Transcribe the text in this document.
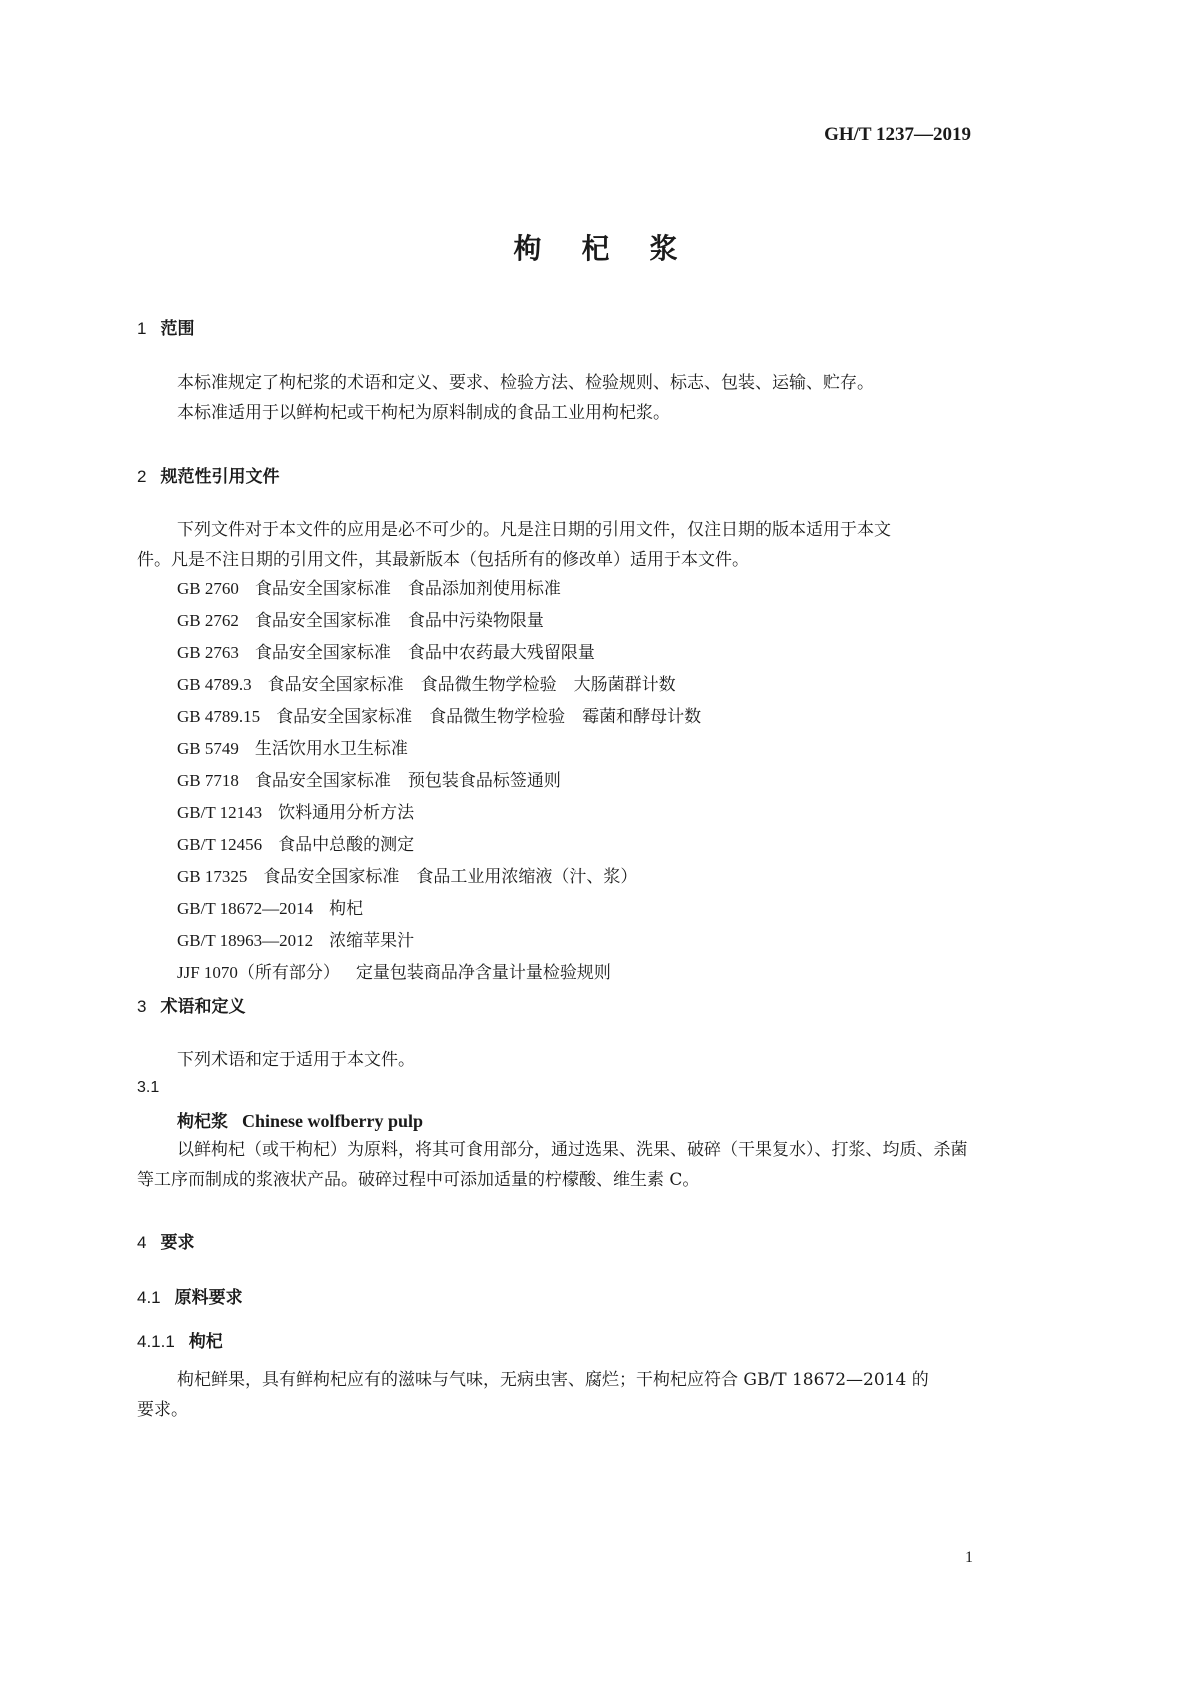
GH/T 1237—2019
枸杞浆
1 范围
本标准规定了枸杞浆的术语和定义、要求、检验方法、检验规则、标志、包装、运输、贮存。
本标准适用于以鲜枸杞或干枸杞为原料制成的食品工业用枸杞浆。
2 规范性引用文件
下列文件对于本文件的应用是必不可少的。凡是注日期的引用文件，仅注日期的版本适用于本文
件。凡是不注日期的引用文件，其最新版本（包括所有的修改单）适用于本文件。
GB 2760 食品安全国家标准　食品添加剂使用标准
GB 2762 食品安全国家标准　食品中污染物限量
GB 2763 食品安全国家标准　食品中农药最大残留限量
GB 4789.3 食品安全国家标准　食品微生物学检验　大肠菌群计数
GB 4789.15 食品安全国家标准　食品微生物学检验　霉菌和酵母计数
GB 5749 生活饮用水卫生标准
GB 7718 食品安全国家标准　预包装食品标签通则
GB/T 12143 饮料通用分析方法
GB/T 12456 食品中总酸的测定
GB 17325 食品安全国家标准　食品工业用浓缩液（汁、浆）
GB/T 18672—2014 枸杞
GB/T 18963—2012 浓缩苹果汁
JJF 1070（所有部分） 定量包装商品净含量计量检验规则
3 术语和定义
下列术语和定于适用于本文件。
3.1
枸杞浆 Chinese wolfberry pulp
以鲜枸杞（或干枸杞）为原料，将其可食用部分，通过选果、洗果、破碎（干果复水）、打浆、均质、杀菌
等工序而制成的浆液状产品。破碎过程中可添加适量的柠檬酸、维生素 C。
4 要求
4.1 原料要求
4.1.1 枸杞
枸杞鲜果，具有鲜枸杞应有的滋味与气味，无病虫害、腐烂；干枸杞应符合 GB/T 18672—2014 的
要求。
1
